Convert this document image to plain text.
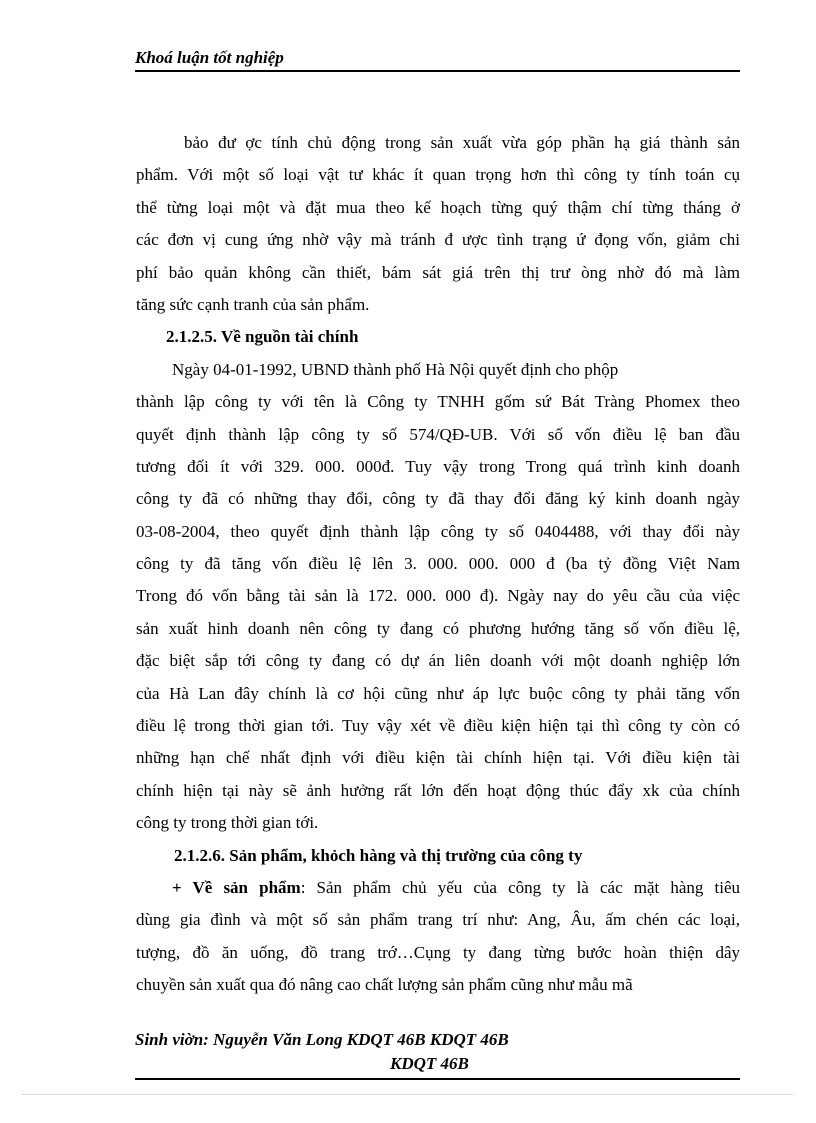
Khoá luận tốt nghiệp
bảo đư ợc tính chủ động trong sản xuất vừa góp phần hạ giá thành sản
phẩm. Với một số loại vật tư khác ít quan trọng hơn thì công ty tính toán cụ
thể từng loại một và đặt mua theo kế hoạch từng quý thậm chí từng tháng ở
các đơn vị cung ứng nhờ vậy mà tránh đ ược tình trạng ứ đọng vốn, giảm chi
phí bảo quản không cần thiết, bám sát giá trên thị trư òng nhờ đó mà làm
tăng sức cạnh tranh của sản phẩm.
2.1.2.5. Về nguồn tài chính
Ngày 04-01-1992, UBND thành phố Hà Nội quyết định cho phộp
thành lập công ty với tên là Công ty TNHH gốm sứ Bát Tràng Phomex theo
quyết định thành lập công ty số 574/QĐ-UB. Với số vốn điều lệ ban đầu
tương đối ít với 329. 000. 000đ. Tuy vậy trong Trong quá trình kinh doanh
công ty đã có những thay đổi, công ty đã thay đổi đăng ký kinh doanh ngày
03-08-2004, theo quyết định thành lập công ty số 0404488, với thay đổi này
công ty đã tăng vốn điều lệ lên 3. 000. 000. 000 đ (ba tỷ đồng Việt Nam
Trong đó vốn bằng tài sản là 172. 000. 000 đ). Ngày nay do yêu cầu của việc
sản xuất hinh doanh nên công ty đang có phương hướng tăng số vốn điều lệ,
đặc biệt sắp tới công ty đang có dự án liên doanh với một doanh nghiệp lớn
của Hà Lan đây chính là cơ hội cũng như áp lực buộc công ty phải tăng vốn
điều lệ trong thời gian tới. Tuy vậy xét về điều kiện hiện tại thì công ty còn có
những hạn chế nhất định với điều kiện tài chính hiện tại. Với điều kiện tài
chính hiện tại này sẽ ảnh hưởng rất lớn đến hoạt động thúc đẩy xk của chính
công ty trong thời gian tới.
2.1.2.6. Sản phẩm, khỏch hàng và thị trường của công ty
+ Về sản phẩm: Sản phẩm chủ yếu của công ty là các mặt hàng tiêu
dùng gia đình và một số sản phẩm trang trí như: Ang, Âu, ấm chén các loại,
tượng, đồ ăn uống, đồ trang trớ…Cụng ty đang từng bước hoàn thiện dây
chuyền sản xuất qua đó nâng cao chất lượng sản phẩm cũng như mẫu mã
Sinh viờn: Nguyễn Văn Long KDQT 46B KDQT 46B
KDQT 46B
